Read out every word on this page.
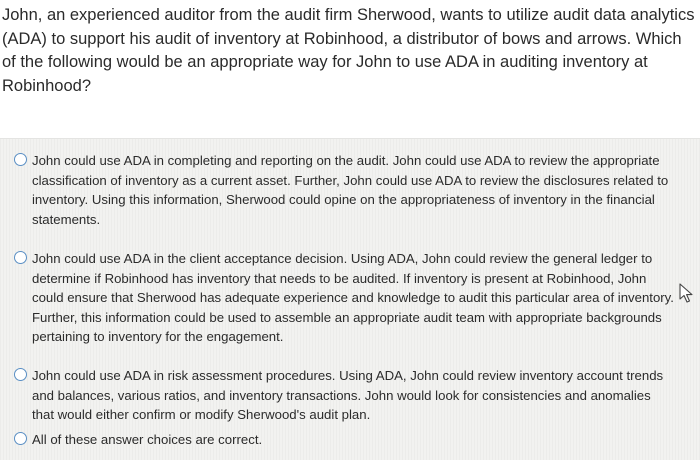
John, an experienced auditor from the audit firm Sherwood, wants to utilize audit data analytics (ADA) to support his audit of inventory at Robinhood, a distributor of bows and arrows. Which of the following would be an appropriate way for John to use ADA in auditing inventory at Robinhood?

John could use ADA in completing and reporting on the audit. John could use ADA to review the appropriate classification of inventory as a current asset. Further, John could use ADA to review the disclosures related to inventory. Using this information, Sherwood could opine on the appropriateness of inventory in the financial statements.
John could use ADA in the client acceptance decision. Using ADA, John could review the general ledger to determine if Robinhood has inventory that needs to be audited. If inventory is present at Robinhood, John could ensure that Sherwood has adequate experience and knowledge to audit this particular area of inventory. Further, this information could be used to assemble an appropriate audit team with appropriate backgrounds pertaining to inventory for the engagement.
John could use ADA in risk assessment procedures. Using ADA, John could review inventory account trends and balances, various ratios, and inventory transactions. John would look for consistencies and anomalies that would either confirm or modify Sherwood's audit plan.
All of these answer choices are correct.
